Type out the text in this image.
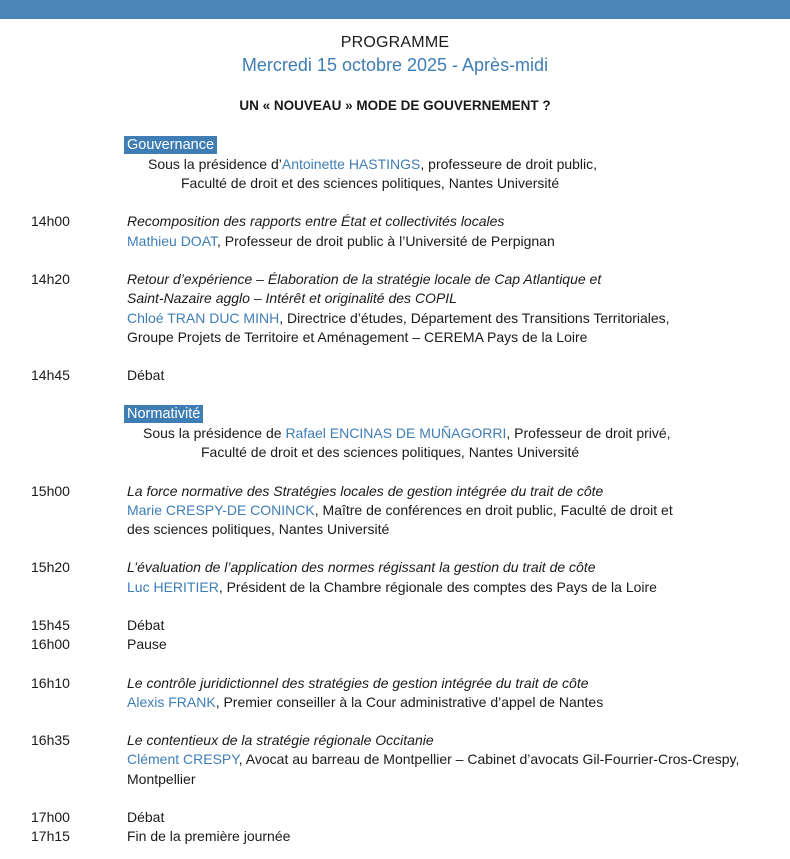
PROGRAMME
Mercredi 15 octobre 2025 - Après-midi
UN « NOUVEAU » MODE DE GOUVERNEMENT ?
Gouvernance
Sous la présidence d’Antoinette HASTINGS, professeure de droit public,
Faculté de droit et des sciences politiques, Nantes Université
14h00	Recomposition des rapports entre État et collectivités locales
Mathieu DOAT, Professeur de droit public à l’Université de Perpignan
14h20	Retour d’expérience – Élaboration de la stratégie locale de Cap Atlantique et
Saint-Nazaire agglo – Intérêt et originalité des COPIL
Chloé TRAN DUC MINH, Directrice d’études, Département des Transitions Territoriales,
Groupe Projets de Territoire et Aménagement – CEREMA Pays de la Loire
14h45	Débat
Normativité
Sous la présidence de Rafael ENCINAS DE MUÑAGORRI, Professeur de droit privé,
Faculté de droit et des sciences politiques, Nantes Université
15h00	La force normative des Stratégies locales de gestion intégrée du trait de côte
Marie CRESPY-DE CONINCK, Maître de conférences en droit public, Faculté de droit et
des sciences politiques, Nantes Université
15h20	L’évaluation de l’application des normes régissant la gestion du trait de côte
Luc HERITIER, Président de la Chambre régionale des comptes des Pays de la Loire
15h45	Débat
16h00	Pause
16h10	Le contrôle juridictionnel des stratégies de gestion intégrée du trait de côte
Alexis FRANK, Premier conseiller à la Cour administrative d’appel de Nantes
16h35	Le contentieux de la stratégie régionale Occitanie
Clément CRESPY, Avocat au barreau de Montpellier – Cabinet d’avocats Gil-Fourrier-Cros-Crespy,
Montpellier
17h00	Débat
17h15	Fin de la première journée
